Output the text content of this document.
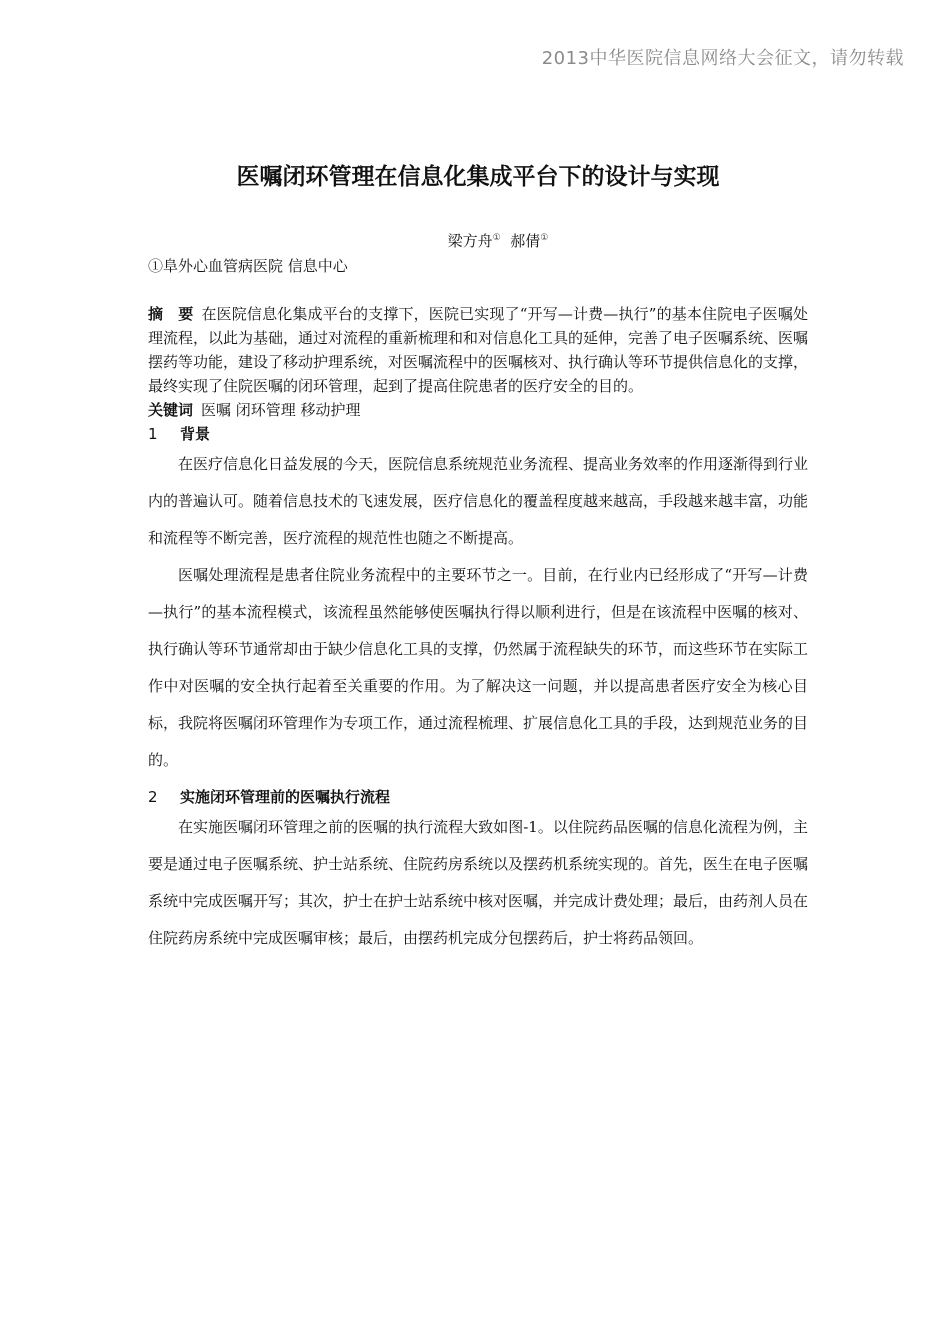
2013中华医院信息网络大会征文，请勿转载
医嘱闭环管理在信息化集成平台下的设计与实现
梁方舟① 郝倩①
①阜外心血管病医院 信息中心
摘　要 在医院信息化集成平台的支撑下，医院已实现了“开写—计费—执行”的基本住院电子医嘱处理流程，以此为基础，通过对流程的重新梳理和和对信息化工具的延伸，完善了电子医嘱系统、医嘱摆药等功能，建设了移动护理系统，对医嘱流程中的医嘱核对、执行确认等环节提供信息化的支撑，最终实现了住院医嘱的闭环管理，起到了提高住院患者的医疗安全的目的。
关键词 医嘱 闭环管理 移动护理
1 背景

在医疗信息化日益发展的今天，医院信息系统规范业务流程、提高业务效率的作用逐渐得到行业内的普遍认可。随着信息技术的飞速发展，医疗信息化的覆盖程度越来越高，手段越来越丰富，功能和流程等不断完善，医疗流程的规范性也随之不断提高。

医嘱处理流程是患者住院业务流程中的主要环节之一。目前，在行业内已经形成了“开写—计费—执行”的基本流程模式，该流程虽然能够使医嘱执行得以顺利进行，但是在该流程中医嘱的核对、执行确认等环节通常却由于缺少信息化工具的支撑，仍然属于流程缺失的环节，而这些环节在实际工作中对医嘱的安全执行起着至关重要的作用。为了解决这一问题，并以提高患者医疗安全为核心目标，我院将医嘱闭环管理作为专项工作，通过流程梳理、扩展信息化工具的手段，达到规范业务的目的。

2 实施闭环管理前的医嘱执行流程

在实施医嘱闭环管理之前的医嘱的执行流程大致如图-1。以住院药品医嘱的信息化流程为例，主要是通过电子医嘱系统、护士站系统、住院药房系统以及摆药机系统实现的。首先，医生在电子医嘱系统中完成医嘱开写；其次，护士在护士站系统中核对医嘱，并完成计费处理；最后，由药剂人员在住院药房系统中完成医嘱审核；最后，由摆药机完成分包摆药后，护士将药品领回。
